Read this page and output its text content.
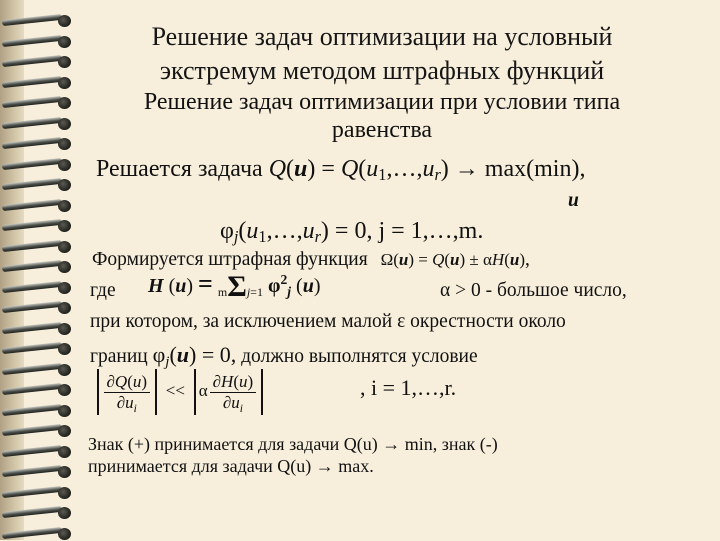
Решение задач оптимизации на условный
экстремум методом штрафных функций
Решение задач оптимизации при условии типа
равенства
Решается задача $Q(u) = Q(u_1,\dots,u_r) \to \max(\min)$,
u
$\varphi_j(u_1,\dots,u_r) = 0$, j = 1,…,m.
Формируется штрафная функция Ω(u) = Q(u) ± αH(u),
где H (u) = mΣj=1 $\varphi^2_j$ (u)	α > 0 - большое число,
при котором, за исключением малой ε окрестности около
границ $\varphi_j(u) = 0$, должно выполнятся условие
$\frac{\partial Q(u)}{\partial u_i} << \alpha \frac{\partial H(u)}{\partial u_i}$	, i = 1,…,r.
Знак (+) принимается для задачи Q(u) → min, знак (-)
принимается для задачи Q(u) → max.
